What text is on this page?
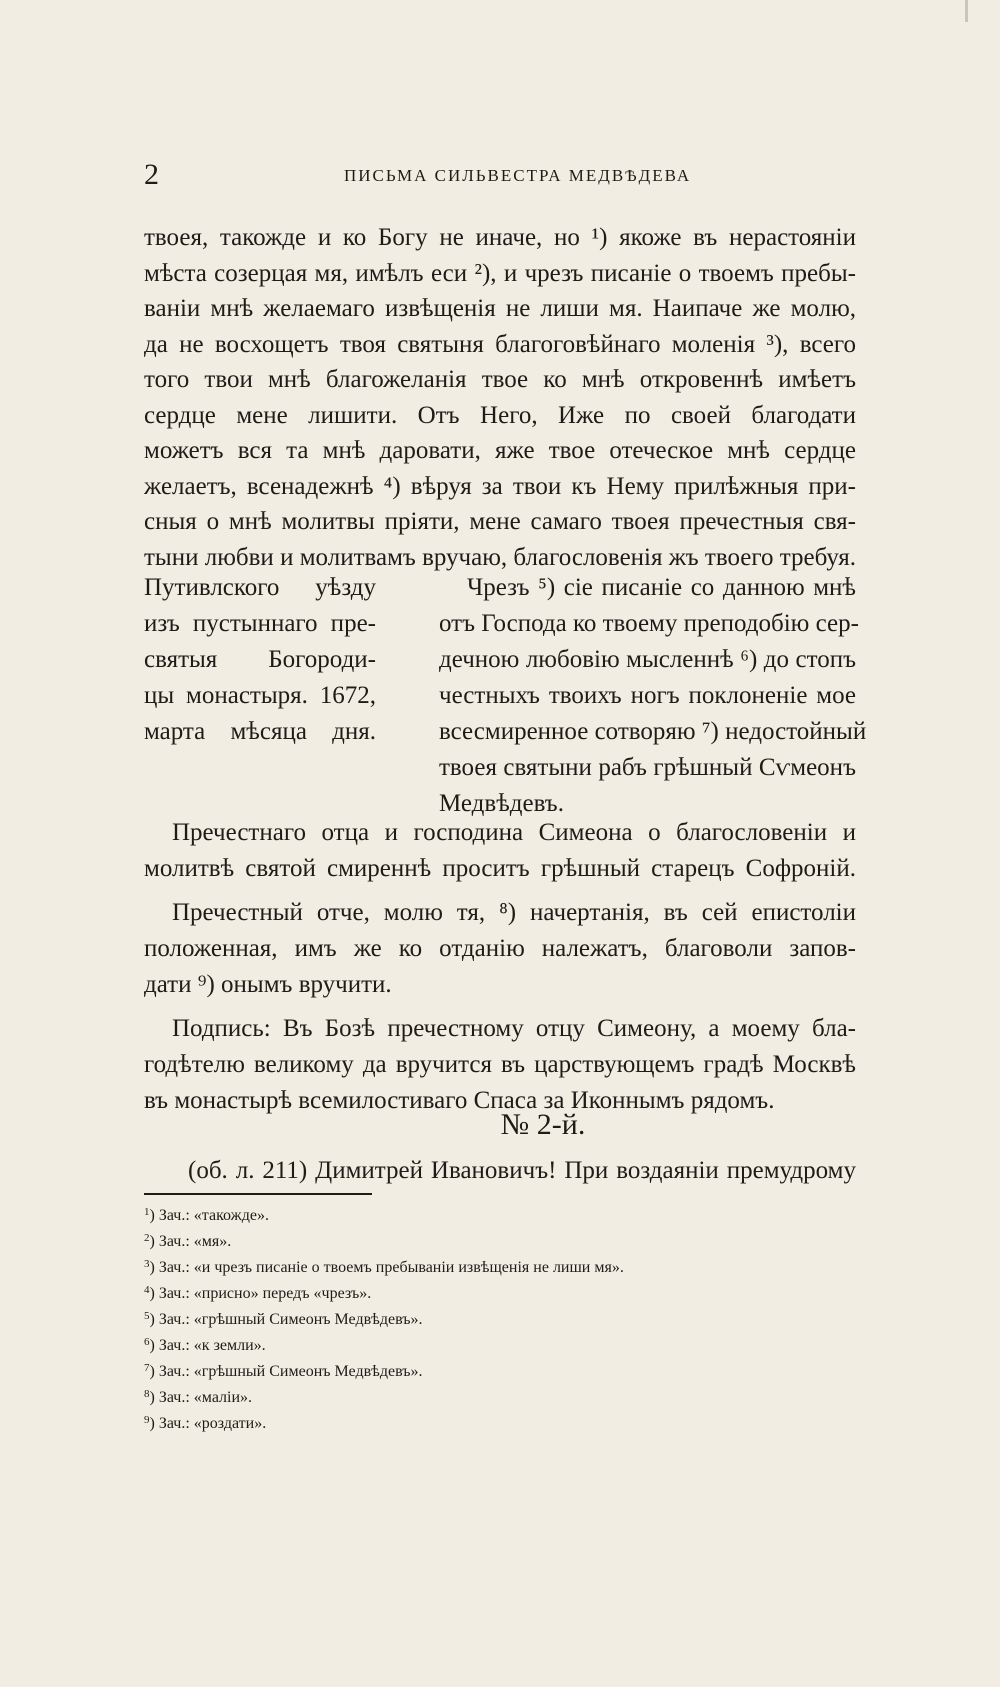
2	ПИСЬМА СИЛЬВЕСТРА МЕДВѢДЕВА
твоея, такожде и ко Богу не иначе, но ¹) якоже въ нерастоянiи
мѣста созерцая мя, имѣлъ еси ²), и чрезъ писанiе о твоемъ пребы-
ванiи мнѣ желаемаго извѣщенiя не лиши мя. Наипаче же молю,
да не восхощетъ твоя святыня благоговѣйнаго моленiя ³), всего
того твои мнѣ благожеланiя твое ко мнѣ откровеннѣ имѣетъ
сердце мене лишити. Отъ Него, Иже по своей благодати
можетъ вся та мнѣ даровати, яже твое отеческое мнѣ сердце
желаетъ, всенадежнѣ ⁴) вѣруя за твои къ Нему прилѣжныя при-
сныя о мнѣ молитвы прiяти, мене самаго твоея пречестныя свя-
тыни любви и молитвамъ вручаю, благословенiя жъ твоего требуя.
Путивлского уѣзду
изъ пустыннаго пре-
святыя Богороди-
цы монастыря. 1672,
марта мѣсяца дня.
Чрезъ ⁵) сiе писанiе со данною мнѣ
отъ Господа ко твоему преподобiю сер-
дечною любовiю мысленнѣ ⁶) до стопъ
честныхъ твоихъ ногъ поклоненiе мое
всесмиренное сотворяю ⁷) недостойный
твоея святыни рабъ грѣшный Сѵмеонъ
Медвѣдевъ.
Пречестнаго отца и господина Симеона о благословенiи и
молитвѣ святой смиреннѣ проситъ грѣшный старецъ Софронiй.
Пречестный отче, молю тя, ⁸) начертанiя, въ сей епистолiи
положенная, имъ же ко отданiю належатъ, благоволи запов-
дати ⁹) онымъ вручити.
Подпись: Въ Бозѣ пречестному отцу Симеону, а моему бла-
годѣтелю великому да вручится въ царствующемъ градѣ Москвѣ
въ монастырѣ всемилостиваго Спаса за Иконнымъ рядомъ.
№ 2-й.
(об. л. 211) Димитрей Ивановичъ! При воздаянiи премудрому
$^1$) Зач.: «такожде».
$^2$) Зач.: «мя».
$^3$) Зач.: «и чрезъ писанiе о твоемъ пребыванiи извѣщенiя не лиши мя».
$^4$) Зач.: «присно» передъ «чрезъ».
$^5$) Зач.: «грѣшный Симеонъ Медвѣдевъ».
$^6$) Зач.: «к земли».
$^7$) Зач.: «грѣшный Симеонъ Медвѣдевъ».
$^8$) Зач.: «малiи».
$^9$) Зач.: «роздати».
